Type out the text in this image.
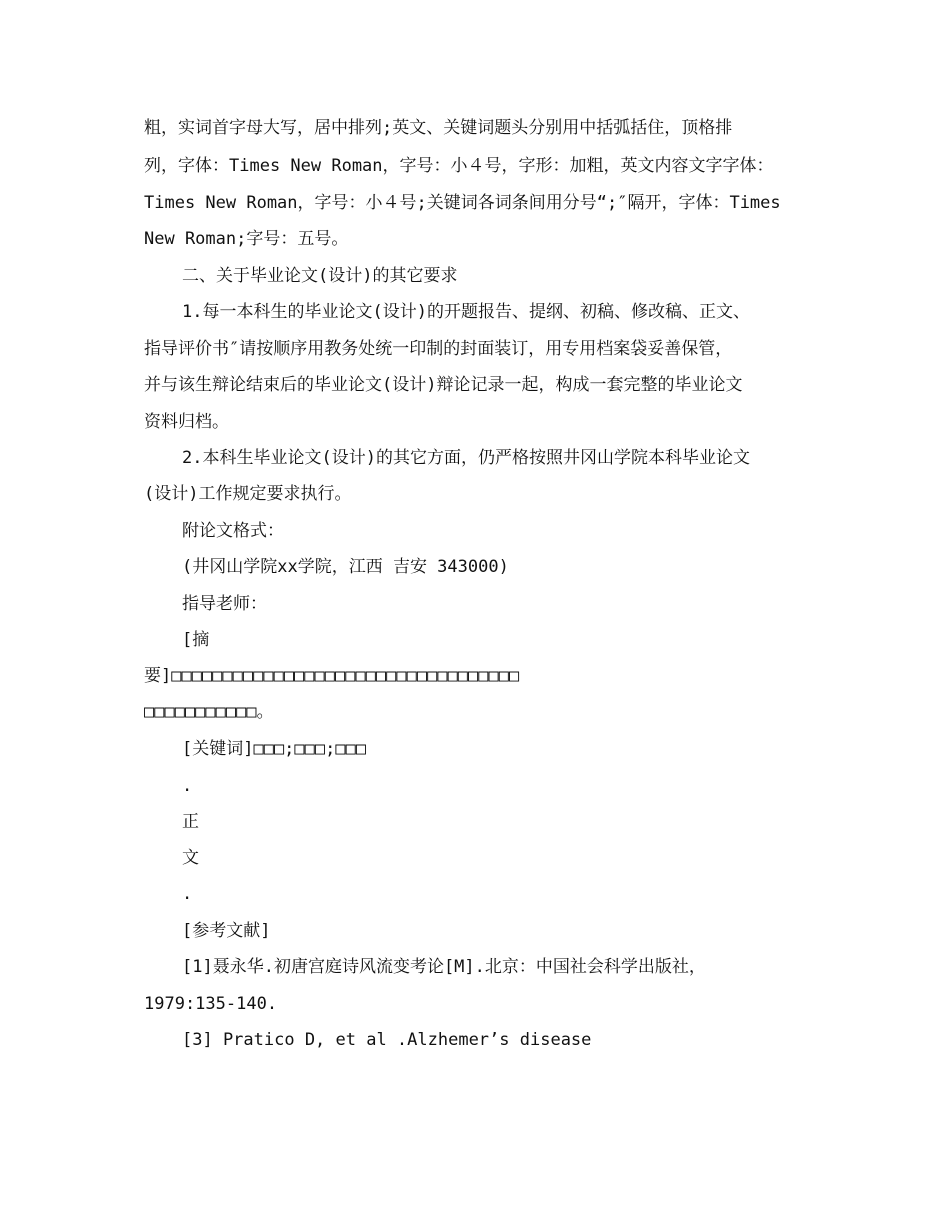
粗，实词首字母大写，居中排列;英文、关键词题头分别用中括弧括住，顶格排
列，字体：Times New Roman，字号：小４号，字形：加粗，英文内容文字字体：
Times New Roman，字号：小４号;关键词各词条间用分号“;″隔开，字体：Times
New Roman;字号：五号。
二、关于毕业论文(设计)的其它要求
1.每一本科生的毕业论文(设计)的开题报告、提纲、初稿、修改稿、正文、
指导评价书″请按顺序用教务处统一印制的封面装订，用专用档案袋妥善保管，
并与该生辩论结束后的毕业论文(设计)辩论记录一起，构成一套完整的毕业论文
资料归档。
2.本科生毕业论文(设计)的其它方面，仍严格按照井冈山学院本科毕业论文
(设计)工作规定要求执行。
附论文格式：
(井冈山学院xx学院，江西 吉安 343000)
指导老师：
[摘
要]□□□□□□□□□□□□□□□□□□□□□□□□□□□□□□□□□□
□□□□□□□□□□□。
[关键词]□□□;□□□;□□□
.
正
文
.
[参考文献]
[1]聂永华.初唐宫庭诗风流变考论[M].北京：中国社会科学出版社，
1979:135-140.
[3] Pratico D, et al .Alzhemer’s disease
